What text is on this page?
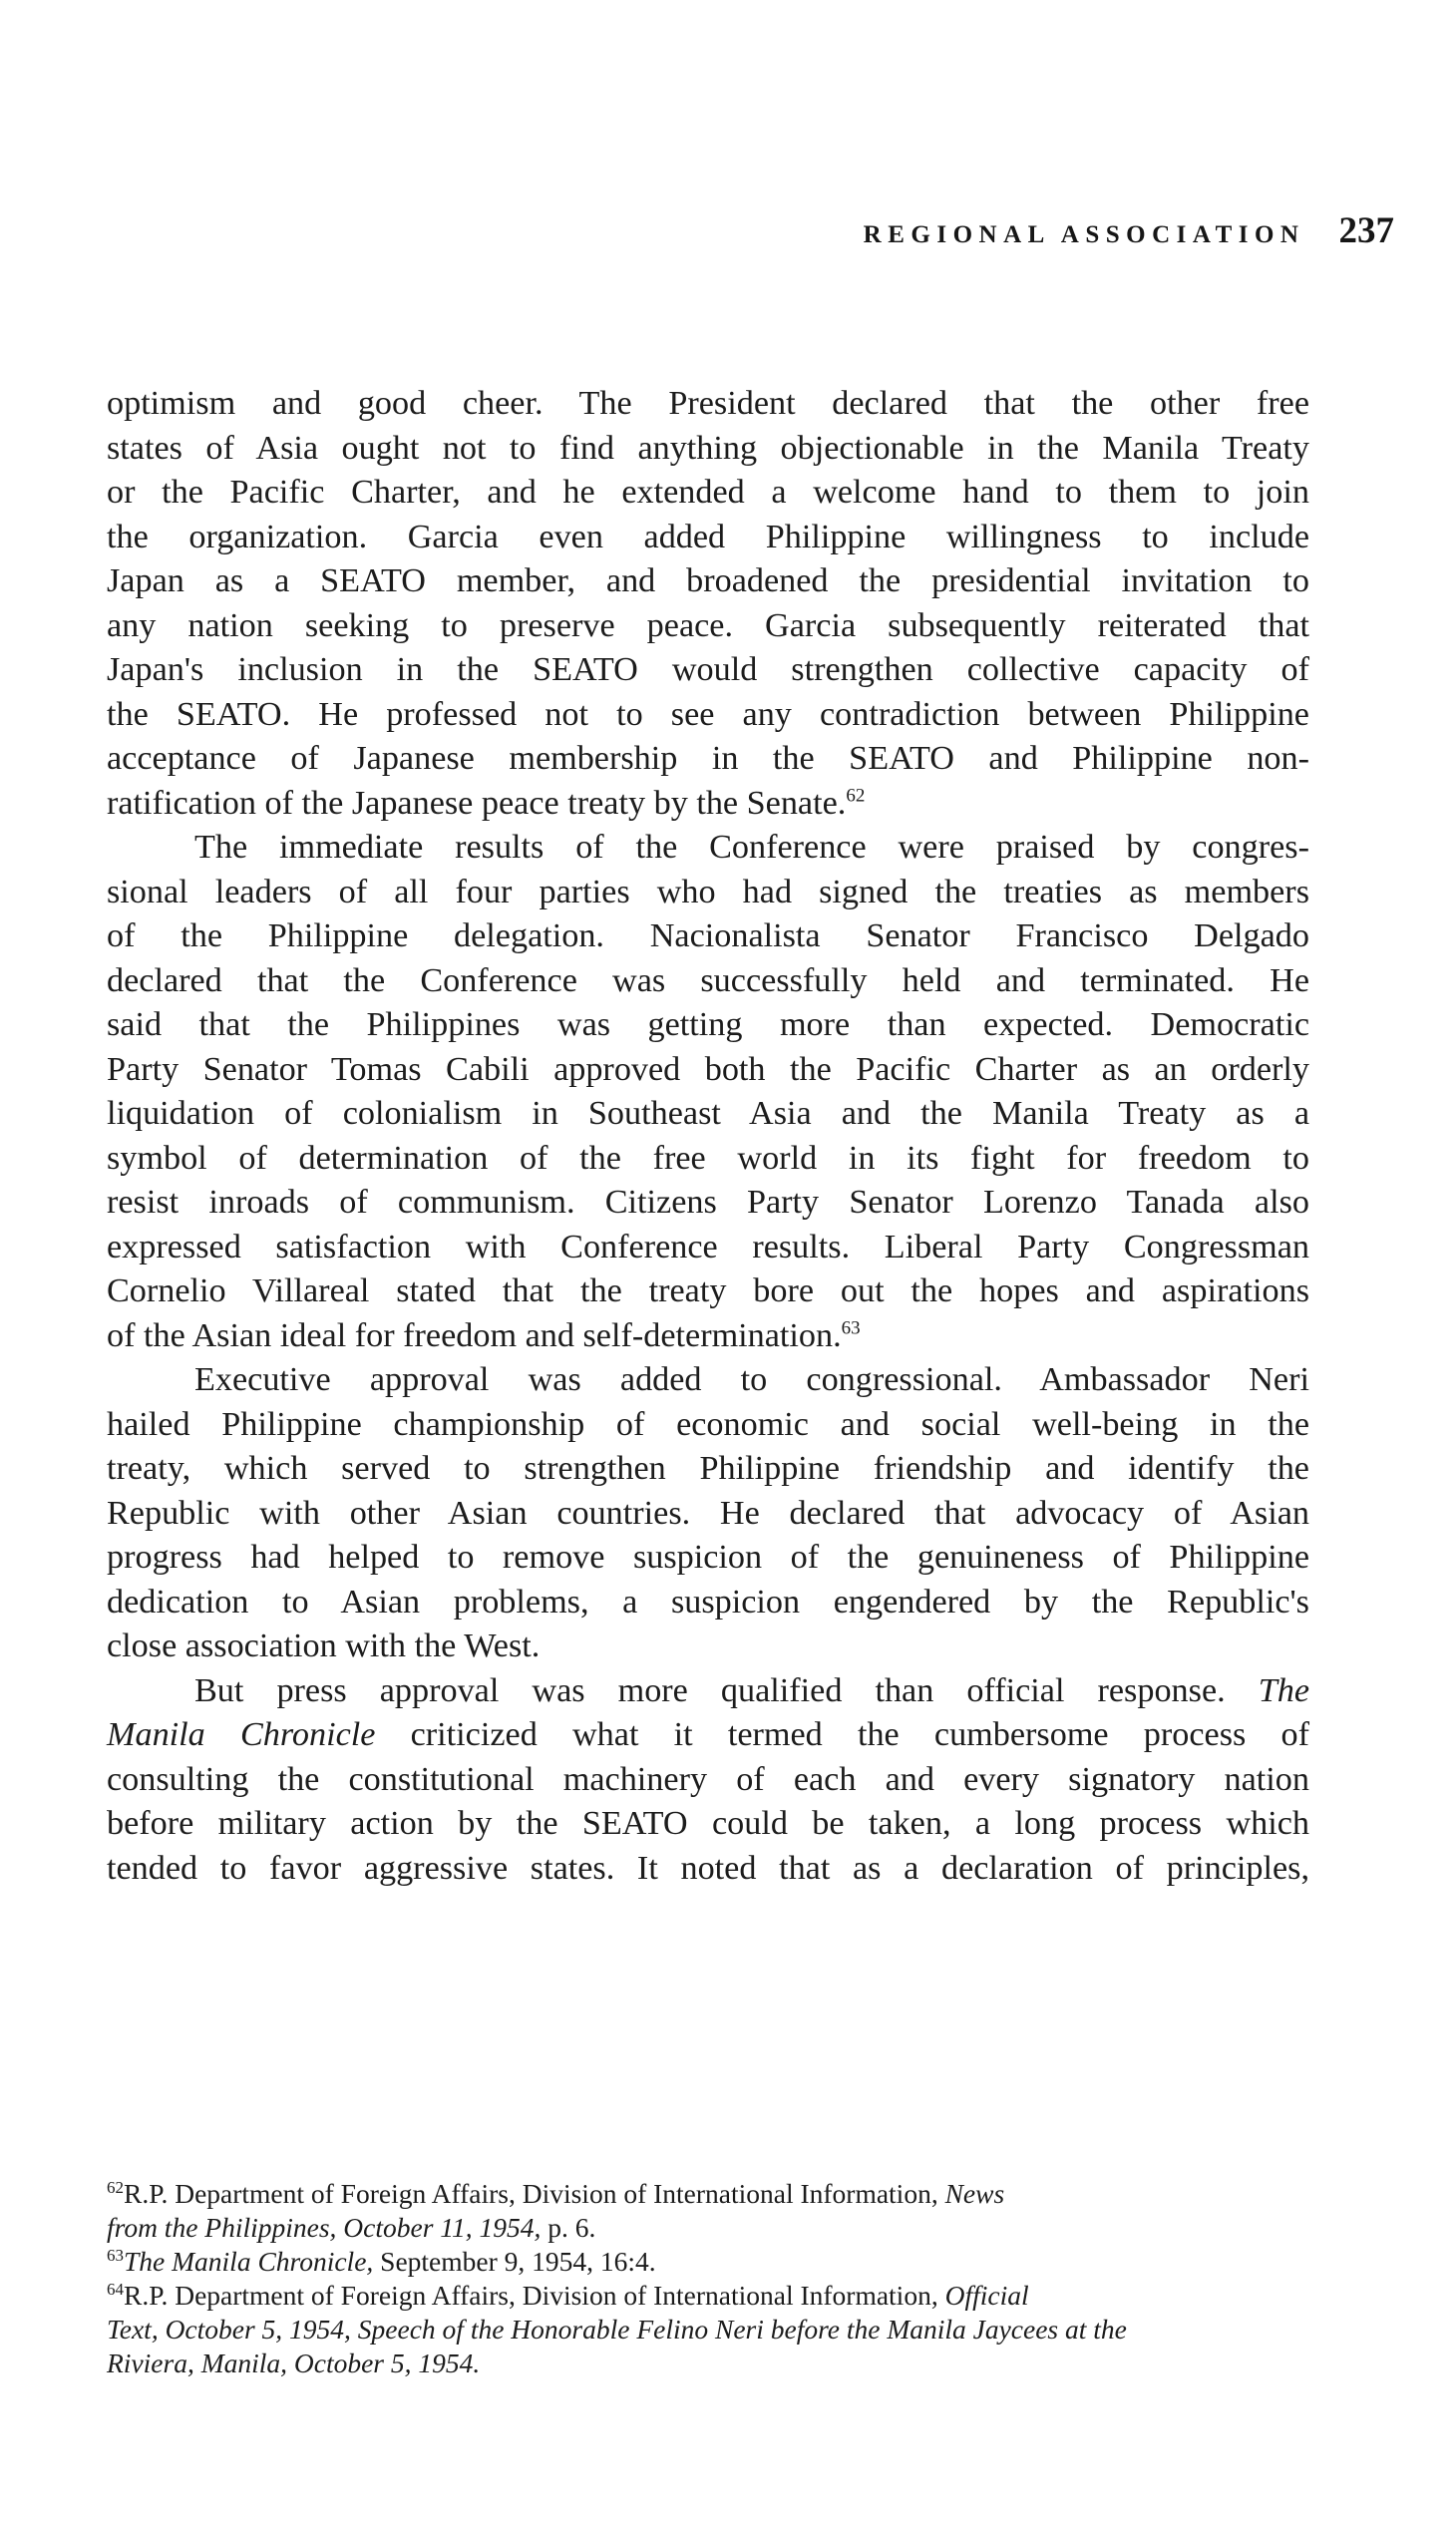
REGIONAL ASSOCIATION 237

optimism and good cheer. The President declared that the other free
states of Asia ought not to find anything objectionable in the Manila Treaty
or the Pacific Charter, and he extended a welcome hand to them to join
the organization. Garcia even added Philippine willingness to include
Japan as a SEATO member, and broadened the presidential invitation to
any nation seeking to preserve peace. Garcia subsequently reiterated that
Japan's inclusion in the SEATO would strengthen collective capacity of
the SEATO. He professed not to see any contradiction between Philippine
acceptance of Japanese membership in the SEATO and Philippine non-
ratification of the Japanese peace treaty by the Senate.$^{62}$

The immediate results of the Conference were praised by congres-
sional leaders of all four parties who had signed the treaties as members
of the Philippine delegation. Nacionalista Senator Francisco Delgado
declared that the Conference was successfully held and terminated. He
said that the Philippines was getting more than expected. Democratic
Party Senator Tomas Cabili approved both the Pacific Charter as an orderly
liquidation of colonialism in Southeast Asia and the Manila Treaty as a
symbol of determination of the free world in its fight for freedom to
resist inroads of communism. Citizens Party Senator Lorenzo Tanada also
expressed satisfaction with Conference results. Liberal Party Congressman
Cornelio Villareal stated that the treaty bore out the hopes and aspirations
of the Asian ideal for freedom and self-determination.$^{63}$

Executive approval was added to congressional. Ambassador Neri
hailed Philippine championship of economic and social well-being in the
treaty, which served to strengthen Philippine friendship and identify the
Republic with other Asian countries. He declared that advocacy of Asian
progress had helped to remove suspicion of the genuineness of Philippine
dedication to Asian problems, a suspicion engendered by the Republic's
close association with the West.

But press approval was more qualified than official response. The
Manila Chronicle criticized what it termed the cumbersome process of
consulting the constitutional machinery of each and every signatory nation
before military action by the SEATO could be taken, a long process which
tended to favor aggressive states. It noted that as a declaration of principles,

$^{62}$R.P. Department of Foreign Affairs, Division of International Information, News
from the Philippines, October 11, 1954, p. 6.

$^{63}$The Manila Chronicle, September 9, 1954, 16:4.

$^{64}$R.P. Department of Foreign Affairs, Division of International Information, Official
Text, October 5, 1954, Speech of the Honorable Felino Neri before the Manila Jaycees at the
Riviera, Manila, October 5, 1954.
